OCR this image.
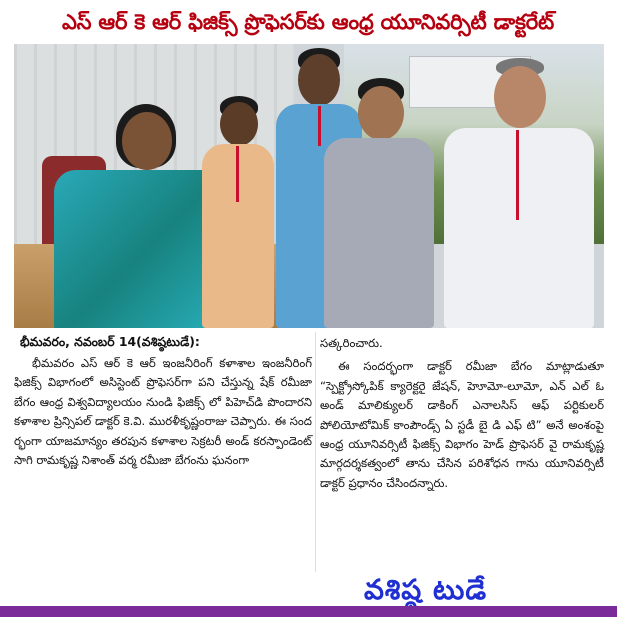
ఎస్ ఆర్ కె ఆర్ ఫిజిక్స్ ప్రొఫెసర్‌కు ఆంధ్ర యూనివర్సిటీ డాక్టరేట్
భీమవరం, నవంబర్ 14(వశిష్ఠటుడే):

భీమవరం ఎస్ ఆర్ కె ఆర్ ఇంజనీరింగ్ కళాశాల ఇంజనీరింగ్ ఫిజిక్స్ విభాగంలో అసిస్టెంట్ ప్రొఫెసర్‌గా పని చేస్తున్న షేక్ రమీజా బేగం ఆంధ్ర విశ్వవిద్యాలయం నుండి ఫిజిక్స్ లో పిహెచ్‌డి పొందారని కళాశాల ప్రిన్సిపల్ డాక్టర్ కె.వి. మురళీకృష్ణంరాజు చెప్పారు. ఈ సంద ర్భంగా యాజమాన్యం తరపున కళాశాల సెక్రటరీ అండ్ కరస్పాండెంట్ సాగి రామకృష్ణ నిశాంత్ వర్మ రమీజా బేగంను ఘనంగా

సత్కరించారు.

ఈ సందర్భంగా డాక్టర్ రమీజా బేగం మాట్లాడుతూ “స్పెక్ట్రోస్కోపిక్ క్యారెక్టరై జేషన్, హెూమో-లూమో, ఎన్ ఎల్ ఓ అండ్ మాలిక్యులర్ డాకింగ్ ఎనాలసిస్ ఆఫ్ పర్టికులర్ పోలియోటోమిక్ కాంపౌండ్స్ ఏ స్టడీ బై డి ఎఫ్ టి” అనే అంశంపై ఆంధ్ర యూనివర్సిటీ ఫిజిక్స్ విభాగం హెడ్ ప్రొఫెసర్ వై రామకృష్ణ మార్గదర్శకత్వంలో తాను చేసిన పరిశోధన గాను యూనివర్సిటీ డాక్టర్ ప్రధానం చేసిందన్నారు.

వశిష్ఠ టుడే
